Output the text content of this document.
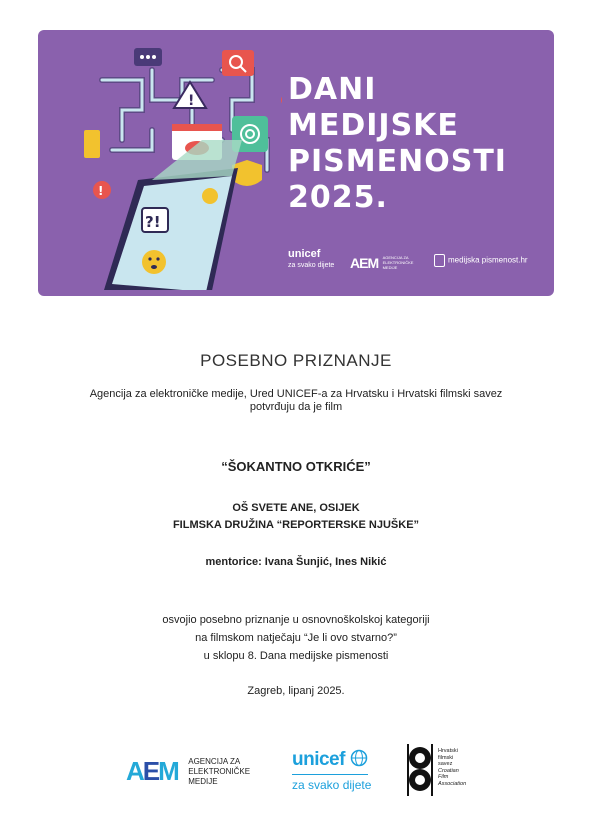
!
!
?!
DANI
MEDIJSKE
PISMENOSTI
2025.
unicef
za svako dijete AEM AGENCIJA ZA ELEKTRONIČKE MEDIJE
medijska pismenost.hr
POSEBNO PRIZNANJE
Agencija za elektroničke medije, Ured UNICEF-a za Hrvatsku i Hrvatski filmski savez
potvrđuju da je film
“ŠOKANTNO OTKRIĆE”
OŠ SVETE ANE, OSIJEK
FILMSKA DRUŽINA “REPORTERSKE NJUŠKE”
mentorice: Ivana Šunjić, Ines Nikić
osvojio posebno priznanje u osnovnoškolskoj kategoriji
na filmskom natječaju “Je li ovo stvarno?”
u sklopu 8. Dana medijske pismenosti
Zagreb, lipanj 2025.
AEM AGENCIJA ZA
ELEKTRONIČKE
MEDIJE
unicef
za svako dijete
Hrvatski
filmski
savez
Croatian
Film
Association
